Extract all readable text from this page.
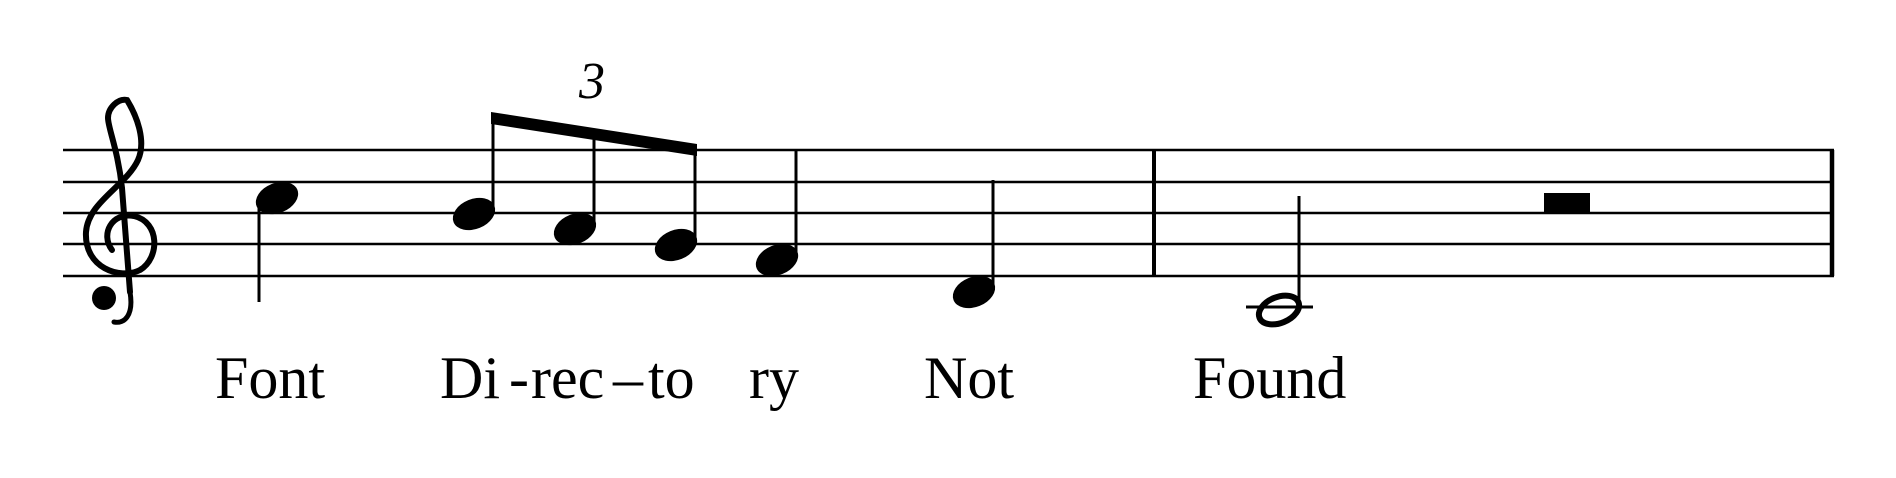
3
Font Di - rec – to ry Not	Found
